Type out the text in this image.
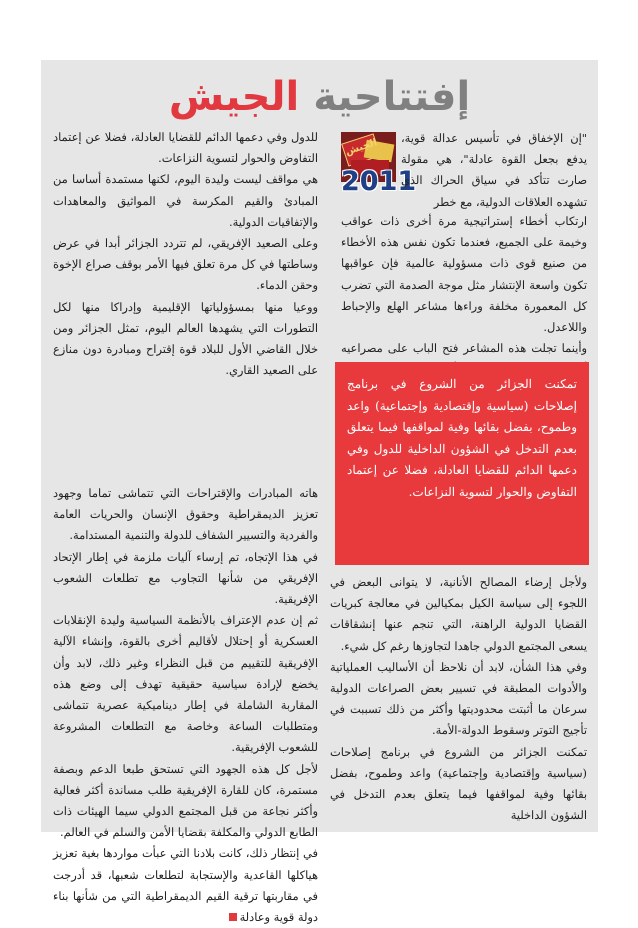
إفتتاحية الجيش
الجيش
2011

للدول وفي دعمها الدائم للقضايا العادلة، فضلا عن إعتماد التفاوض والحوار لتسوية النزاعات.

هي مواقف ليست وليدة اليوم، لكنها مستمدة أساسا من المبادئ والقيم المكرسة في المواثيق والمعاهدات والإتفاقيات الدولية.

وعلى الصعيد الإفريقي، لم تتردد الجزائر أبدا في عرض وساطتها في كل مرة تعلق فيها الأمر بوقف صراع الإخوة وحقن الدماء.

ووعيا منها بمسؤولياتها الإقليمية وإدراكا منها لكل التطورات التي يشهدها العالم اليوم، تمثل الجزائر ومن خلال القاضي الأول للبلاد قوة إقتراح ومبادرة دون منازع على الصعيد القاري.

هاته المبادرات والإقتراحات التي تتماشى تماما وجهود تعزيز الديمقراطية وحقوق الإنسان والحريات العامة والفردية والتسيير الشفاف للدولة والتنمية المستدامة.

في هذا الإتجاه، تم إرساء آليات ملزمة في إطار الإتحاد الإفريقي من شأنها التجاوب مع تطلعات الشعوب الإفريقية.

ثم إن عدم الإعتراف بالأنظمة السياسية وليدة الإنقلابات العسكرية أو إحتلال لأقاليم أخرى بالقوة، وإنشاء الآلية الإفريقية للتقييم من قبل النظراء وغير ذلك، لابد وأن يخضع لإرادة سياسية حقيقية تهدف إلى وضع هذه المقاربة الشاملة في إطار ديناميكية عصرية تتماشى ومتطلبات الساعة وخاصة مع التطلعات المشروعة للشعوب الإفريقية.

لأجل كل هذه الجهود التي تستحق طبعا الدعم وبصفة مستمرة، كان للقارة الإفريقية طلب مساندة أكثر فعالية وأكثر نجاعة من قبل المجتمع الدولي سيما الهيئات ذات الطابع الدولي والمكلفة بقضايا الأمن والسلم في العالم.

في إنتظار ذلك، كانت بلادنا التي عبأت مواردها بغية تعزيز هياكلها القاعدية والإستجابة لتطلعات شعبها، قد أدرجت في مقاربتها ترقية القيم الديمقراطية التي من شأنها بناء دولة قوية وعادلة

"إن الإخفاق في تأسيس عدالة قوية، يدفع بجعل القوة عادلة"، هي مقولة صارت تتأكد في سياق الحراك الذي تشهده العلاقات الدولية، مع خطر

ارتكاب أخطاء إستراتيجية مرة أخرى ذات عواقب وخيمة على الجميع، فعندما تكون نفس هذه الأخطاء من صنيع قوى ذات مسؤولية عالمية فإن عواقبها تكون واسعة الإنتشار مثل موجة الصدمة التي تضرب كل المعمورة مخلفة وراءها مشاعر الهلع والإحباط واللاعدل.

وأينما تجلت هذه المشاعر فتح الباب على مصراعيه

تمكنت الجزائر من الشروع في برنامج إصلاحات (سياسية وإقتصادية وإجتماعية) واعد وطموح، بفضل بقائها وفية لمواقفها فيما يتعلق بعدم التدخل في الشؤون الداخلية للدول وفي دعمها الدائم للقضايا العادلة، فضلا عن إعتماد التفاوض والحوار لتسوية النزاعات.

ولأجل إرضاء المصالح الأنانية، لا يتوانى البعض في اللجوء إلى سياسة الكيل بمكيالين في معالجة كبريات القضايا الدولية الراهنة، التي تنجم عنها إنشقاقات يسعى المجتمع الدولي جاهدا لتجاوزها رغم كل شيء.

وفي هذا الشأن، لابد أن نلاحظ أن الأساليب العملياتية والأدوات المطبقة في تسيير بعض الصراعات الدولية سرعان ما أثبتت محدوديتها وأكثر من ذلك تسببت في تأجيج التوتر وسقوط الدولة-الأمة.

تمكنت الجزائر من الشروع في برنامج إصلاحات (سياسية وإقتصادية وإجتماعية) واعد وطموح، بفضل بقائها وفية لمواقفها فيما يتعلق بعدم التدخل في الشؤون الداخلية
